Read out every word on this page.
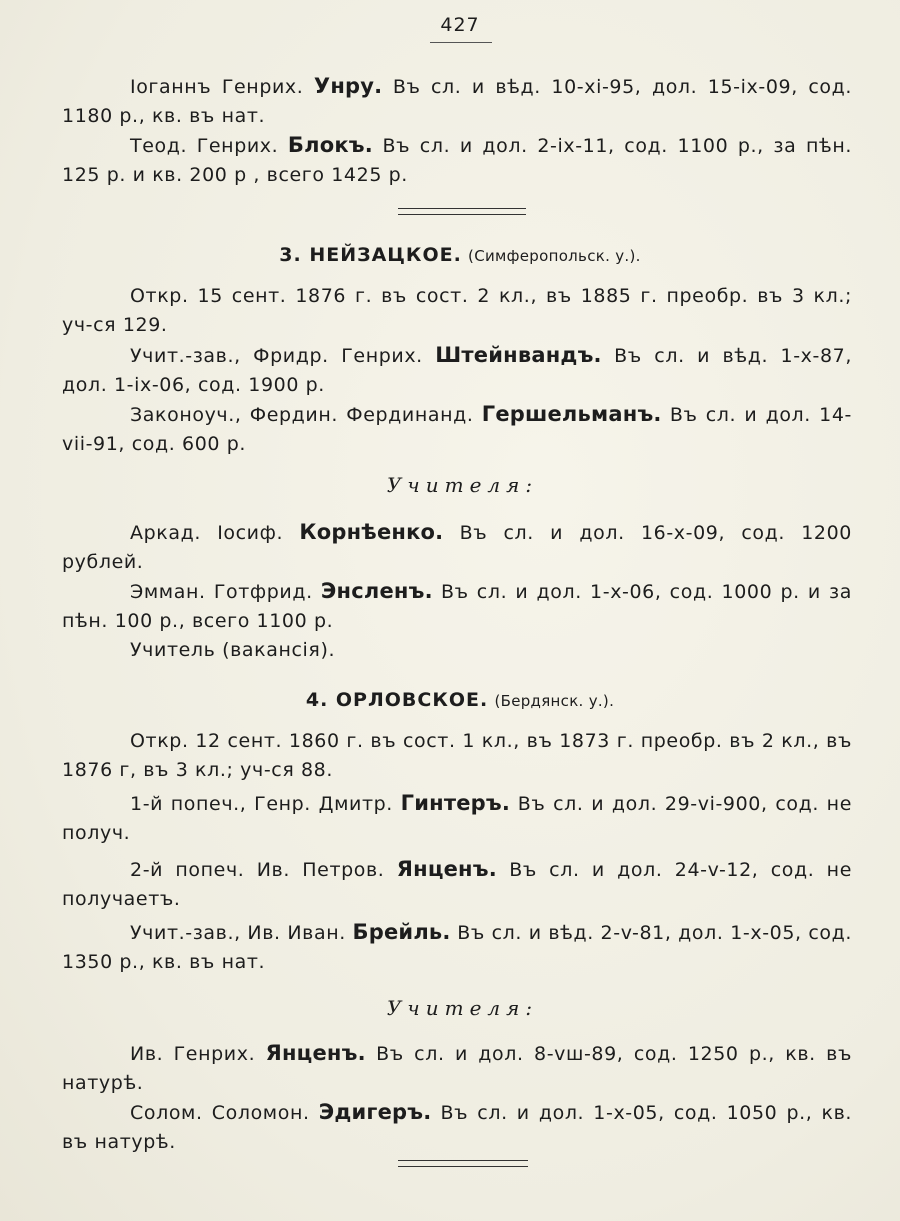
427

Іоганнъ Генрих. Унру. Въ сл. и вѣд. 10-хі-95, дол. 15-іх-09, сод. 1180 р., кв. въ нат.

Теод. Генрих. Блокъ. Въ сл. и дол. 2-іх-11, сод. 1100 р., за пѣн. 125 р. и кв. 200 р , всего 1425 р.

3. НЕЙЗАЦКОЕ. (Симферопольск. у.).

Откр. 15 сент. 1876 г. въ сост. 2 кл., въ 1885 г. преобр. въ 3 кл.; уч-ся 129.

Учит.-зав., Фридр. Генрих. Штейнвандъ. Въ сл. и вѣд. 1-х-87, дол. 1-іх-06, сод. 1900 р.

Законоуч., Фердин. Фердинанд. Гершельманъ. Въ сл. и дол. 14-vіі-91, сод. 600 р.

Учителя:

Аркад. Іосиф. Корнѣенко. Въ сл. и дол. 16-х-09, сод. 1200 рублей.

Эмман. Готфрид. Энсленъ. Въ сл. и дол. 1-х-06, сод. 1000 р. и за пѣн. 100 р., всего 1100 р.

Учитель (вакансія).

4. ОРЛОВСКОЕ. (Бердянск. у.).

Откр. 12 сент. 1860 г. въ сост. 1 кл., въ 1873 г. преобр. въ 2 кл., въ 1876 г, въ 3 кл.; уч-ся 88.

1-й попеч., Генр. Дмитр. Гинтеръ. Въ сл. и дол. 29-vі-900, сод. не получ.

2-й попеч. Ив. Петров. Янценъ. Въ сл. и дол. 24-v-12, сод. не получаетъ.

Учит.-зав., Ив. Иван. Брейль. Въ сл. и вѣд. 2-v-81, дол. 1-х-05, сод. 1350 р., кв. въ нат.

Учителя:

Ив. Генрих. Янценъ. Въ сл. и дол. 8-vш-89, сод. 1250 р., кв. въ натурѣ.

Солом. Соломон. Эдигеръ. Въ сл. и дол. 1-х-05, сод. 1050 р., кв. въ натурѣ.
